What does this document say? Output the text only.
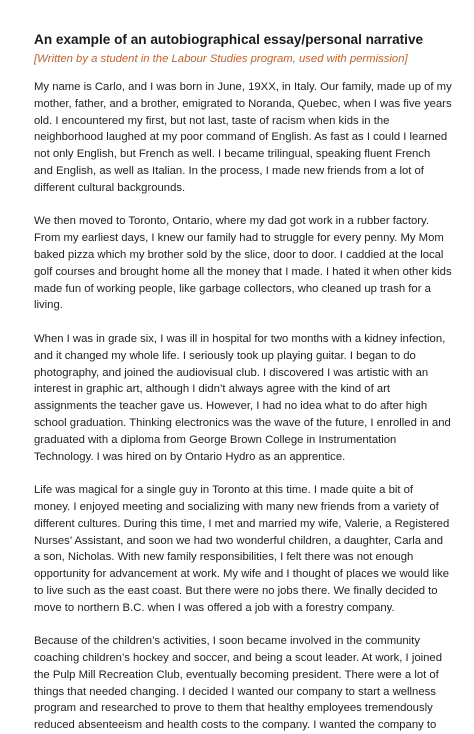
An example of an autobiographical essay/personal narrative
[Written by a student in the Labour Studies program, used with permission]

My name is Carlo, and I was born in June, 19XX, in Italy. Our family, made up of my mother, father, and a brother, emigrated to Noranda, Quebec, when I was five years old. I encountered my first, but not last, taste of racism when kids in the neighborhood laughed at my poor command of English. As fast as I could I learned not only English, but French as well. I became trilingual, speaking fluent French and English, as well as Italian. In the process, I made new friends from a lot of different cultural backgrounds.

We then moved to Toronto, Ontario, where my dad got work in a rubber factory. From my earliest days, I knew our family had to struggle for every penny. My Mom baked pizza which my brother sold by the slice, door to door. I caddied at the local golf courses and brought home all the money that I made. I hated it when other kids made fun of working people, like garbage collectors, who cleaned up trash for a living.

When I was in grade six, I was ill in hospital for two months with a kidney infection, and it changed my whole life. I seriously took up playing guitar. I began to do photography, and joined the audiovisual club. I discovered I was artistic with an interest in graphic art, although I didn’t always agree with the kind of art assignments the teacher gave us. However, I had no idea what to do after high school graduation. Thinking electronics was the wave of the future, I enrolled in and graduated with a diploma from George Brown College in Instrumentation Technology. I was hired on by Ontario Hydro as an apprentice.

Life was magical for a single guy in Toronto at this time. I made quite a bit of money. I enjoyed meeting and socializing with many new friends from a variety of different cultures. During this time, I met and married my wife, Valerie, a Registered Nurses’ Assistant, and soon we had two wonderful children, a daughter, Carla and a son, Nicholas. With new family responsibilities, I felt there was not enough opportunity for advancement at work. My wife and I thought of places we would like to live such as the east coast. But there were no jobs there. We finally decided to move to northern B.C. when I was offered a job with a forestry company.

Because of the children’s activities, I soon became involved in the community coaching children’s hockey and soccer, and being a scout leader. At work, I joined the Pulp Mill Recreation Club, eventually becoming president. There were a lot of things that needed changing. I decided I wanted our company to start a wellness program and researched to prove to them that healthy employees tremendously reduced absenteeism and health costs to the company. I wanted the company to
